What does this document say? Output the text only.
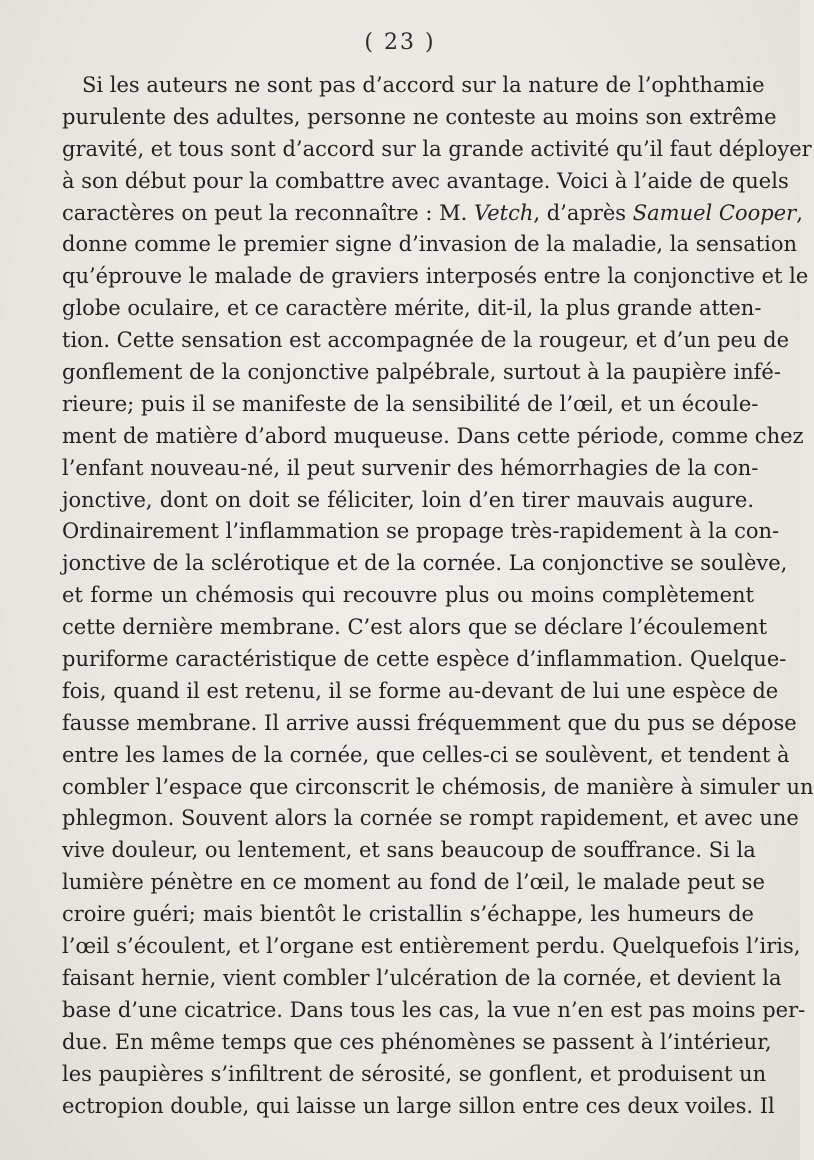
( 23 )
Si les auteurs ne sont pas d’accord sur la nature de l’ophthamie
purulente des adultes, personne ne conteste au moins son extrême
gravité, et tous sont d’accord sur la grande activité qu’il faut déployer
à son début pour la combattre avec avantage. Voici à l’aide de quels
caractères on peut la reconnaître : M. Vetch, d’après Samuel Cooper,
donne comme le premier signe d’invasion de la maladie, la sensation
qu’éprouve le malade de graviers interposés entre la conjonctive et le
globe oculaire, et ce caractère mérite, dit-il, la plus grande atten-
tion. Cette sensation est accompagnée de la rougeur, et d’un peu de
gonflement de la conjonctive palpébrale, surtout à la paupière infé-
rieure; puis il se manifeste de la sensibilité de l’œil, et un écoule-
ment de matière d’abord muqueuse. Dans cette période, comme chez
l’enfant nouveau-né, il peut survenir des hémorrhagies de la con-
jonctive, dont on doit se féliciter, loin d’en tirer mauvais augure.
Ordinairement l’inflammation se propage très-rapidement à la con-
jonctive de la sclérotique et de la cornée. La conjonctive se soulève,
et forme un chémosis qui recouvre plus ou moins complètement
cette dernière membrane. C’est alors que se déclare l’écoulement
puriforme caractéristique de cette espèce d’inflammation. Quelque-
fois, quand il est retenu, il se forme au-devant de lui une espèce de
fausse membrane. Il arrive aussi fréquemment que du pus se dépose
entre les lames de la cornée, que celles-ci se soulèvent, et tendent à
combler l’espace que circonscrit le chémosis, de manière à simuler un
phlegmon. Souvent alors la cornée se rompt rapidement, et avec une
vive douleur, ou lentement, et sans beaucoup de souffrance. Si la
lumière pénètre en ce moment au fond de l’œil, le malade peut se
croire guéri; mais bientôt le cristallin s’échappe, les humeurs de
l’œil s’écoulent, et l’organe est entièrement perdu. Quelquefois l’iris,
faisant hernie, vient combler l’ulcération de la cornée, et devient la
base d’une cicatrice. Dans tous les cas, la vue n’en est pas moins per-
due. En même temps que ces phénomènes se passent à l’intérieur,
les paupières s’infiltrent de sérosité, se gonflent, et produisent un
ectropion double, qui laisse un large sillon entre ces deux voiles. Il
